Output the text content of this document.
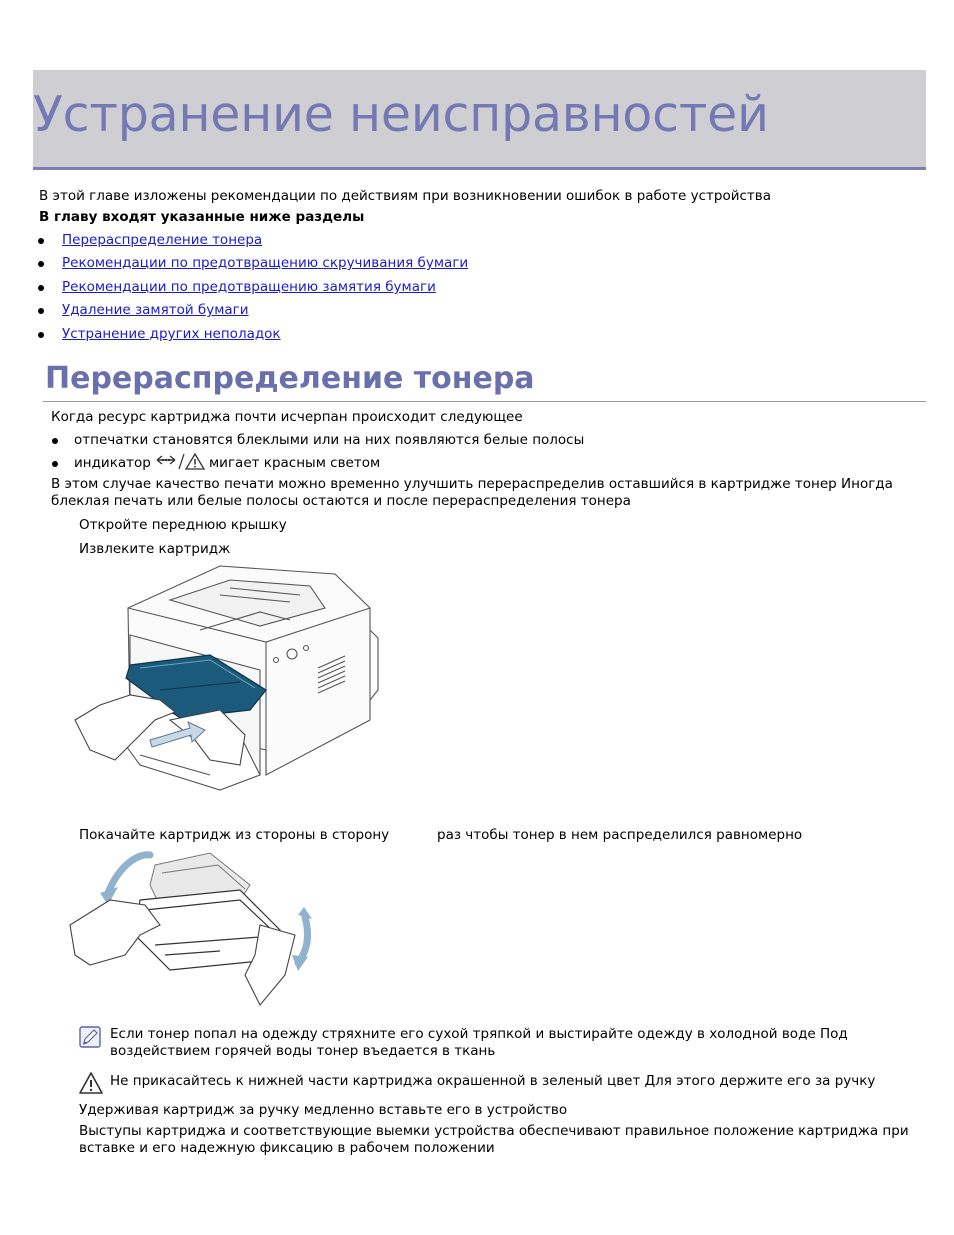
Устранение неисправностей
В этой главе изложены рекомендации по действиям при возникновении ошибок в работе устройства
В главу входят указанные ниже разделы
Перераспределение тонера
Рекомендации по предотвращению скручивания бумаги
Рекомендации по предотвращению замятия бумаги
Удаление замятой бумаги
Устранение других неполадок
Перераспределение тонера
Когда ресурс картриджа почти исчерпан происходит следующее
отпечатки становятся блеклыми или на них появляются белые полосы
индикатор	мигает красным светом
В этом случае качество печати можно временно улучшить перераспределив оставшийся в картридже тонер Иногда блеклая печать или белые полосы остаются и после перераспределения тонера
Откройте переднюю крышку
Извлеките картридж
Покачайте картридж из стороны в сторону	раз чтобы тонер в нем распределился равномерно
Если тонер попал на одежду стряхните его сухой тряпкой и выстирайте одежду в холодной воде Под воздействием горячей воды тонер въедается в ткань
Не прикасайтесь к нижней части картриджа окрашенной в зеленый цвет Для этого держите его за ручку
Удерживая картридж за ручку медленно вставьте его в устройство
Выступы картриджа и соответствующие выемки устройства обеспечивают правильное положение картриджа при вставке и его надежную фиксацию в рабочем положении
